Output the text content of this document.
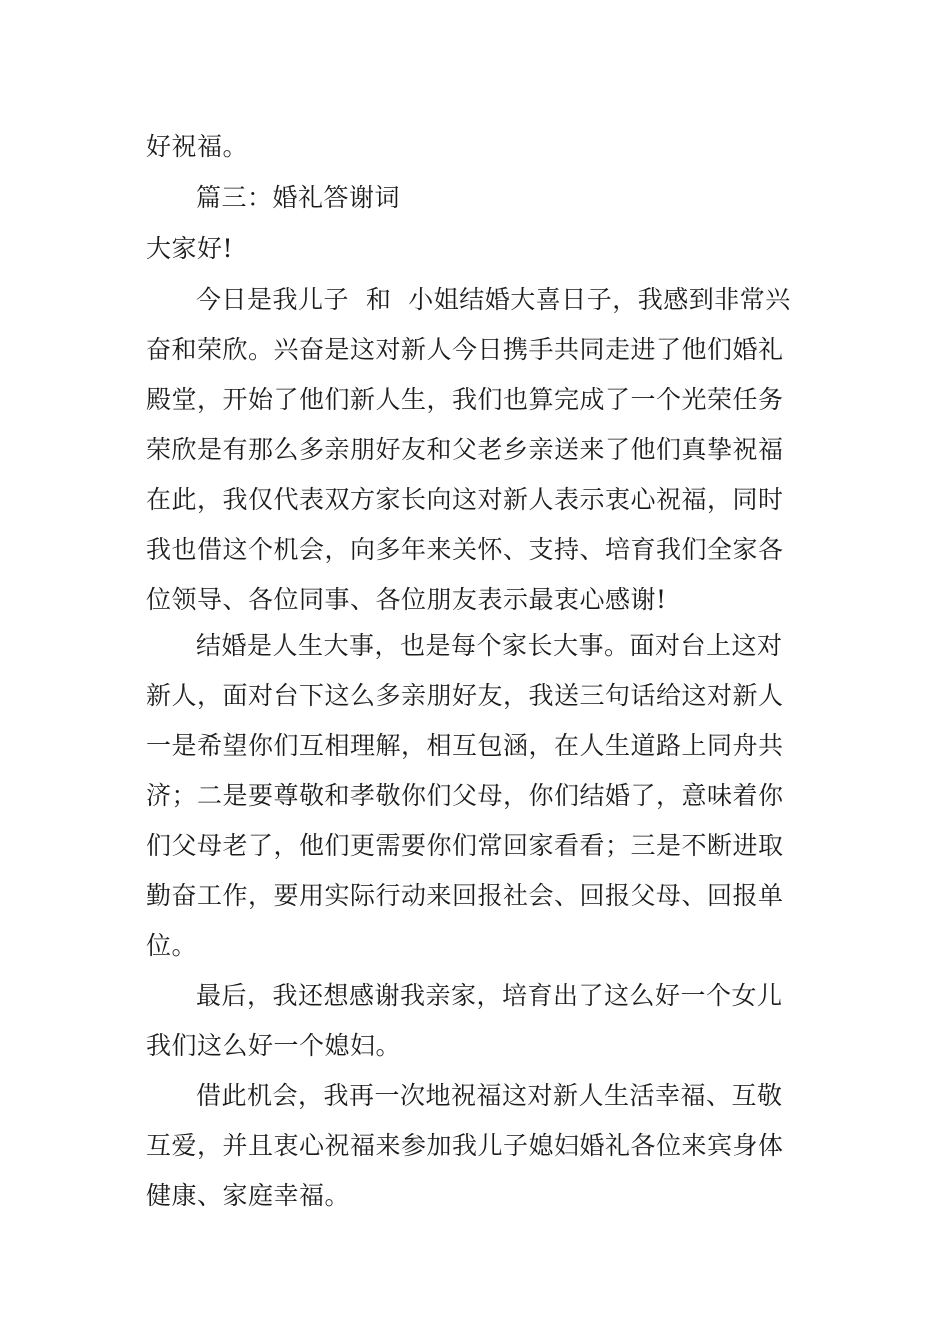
好祝福。

篇三：婚礼答谢词

大家好!

今日是我儿子  和  小姐结婚大喜日子，我感到非常兴

奋和荣欣。兴奋是这对新人今日携手共同走进了他们婚礼

殿堂，开始了他们新人生，我们也算完成了一个光荣任务

荣欣是有那么多亲朋好友和父老乡亲送来了他们真挚祝福

在此，我仅代表双方家长向这对新人表示衷心祝福，同时

我也借这个机会，向多年来关怀、支持、培育我们全家各

位领导、各位同事、各位朋友表示最衷心感谢!

结婚是人生大事，也是每个家长大事。面对台上这对

新人，面对台下这么多亲朋好友，我送三句话给这对新人

一是希望你们互相理解，相互包涵，在人生道路上同舟共

济；二是要尊敬和孝敬你们父母，你们结婚了，意味着你

们父母老了，他们更需要你们常回家看看；三是不断进取

勤奋工作，要用实际行动来回报社会、回报父母、回报单

位。

最后，我还想感谢我亲家，培育出了这么好一个女儿

我们这么好一个媳妇。

借此机会，我再一次地祝福这对新人生活幸福、互敬

互爱，并且衷心祝福来参加我儿子媳妇婚礼各位来宾身体

健康、家庭幸福。
